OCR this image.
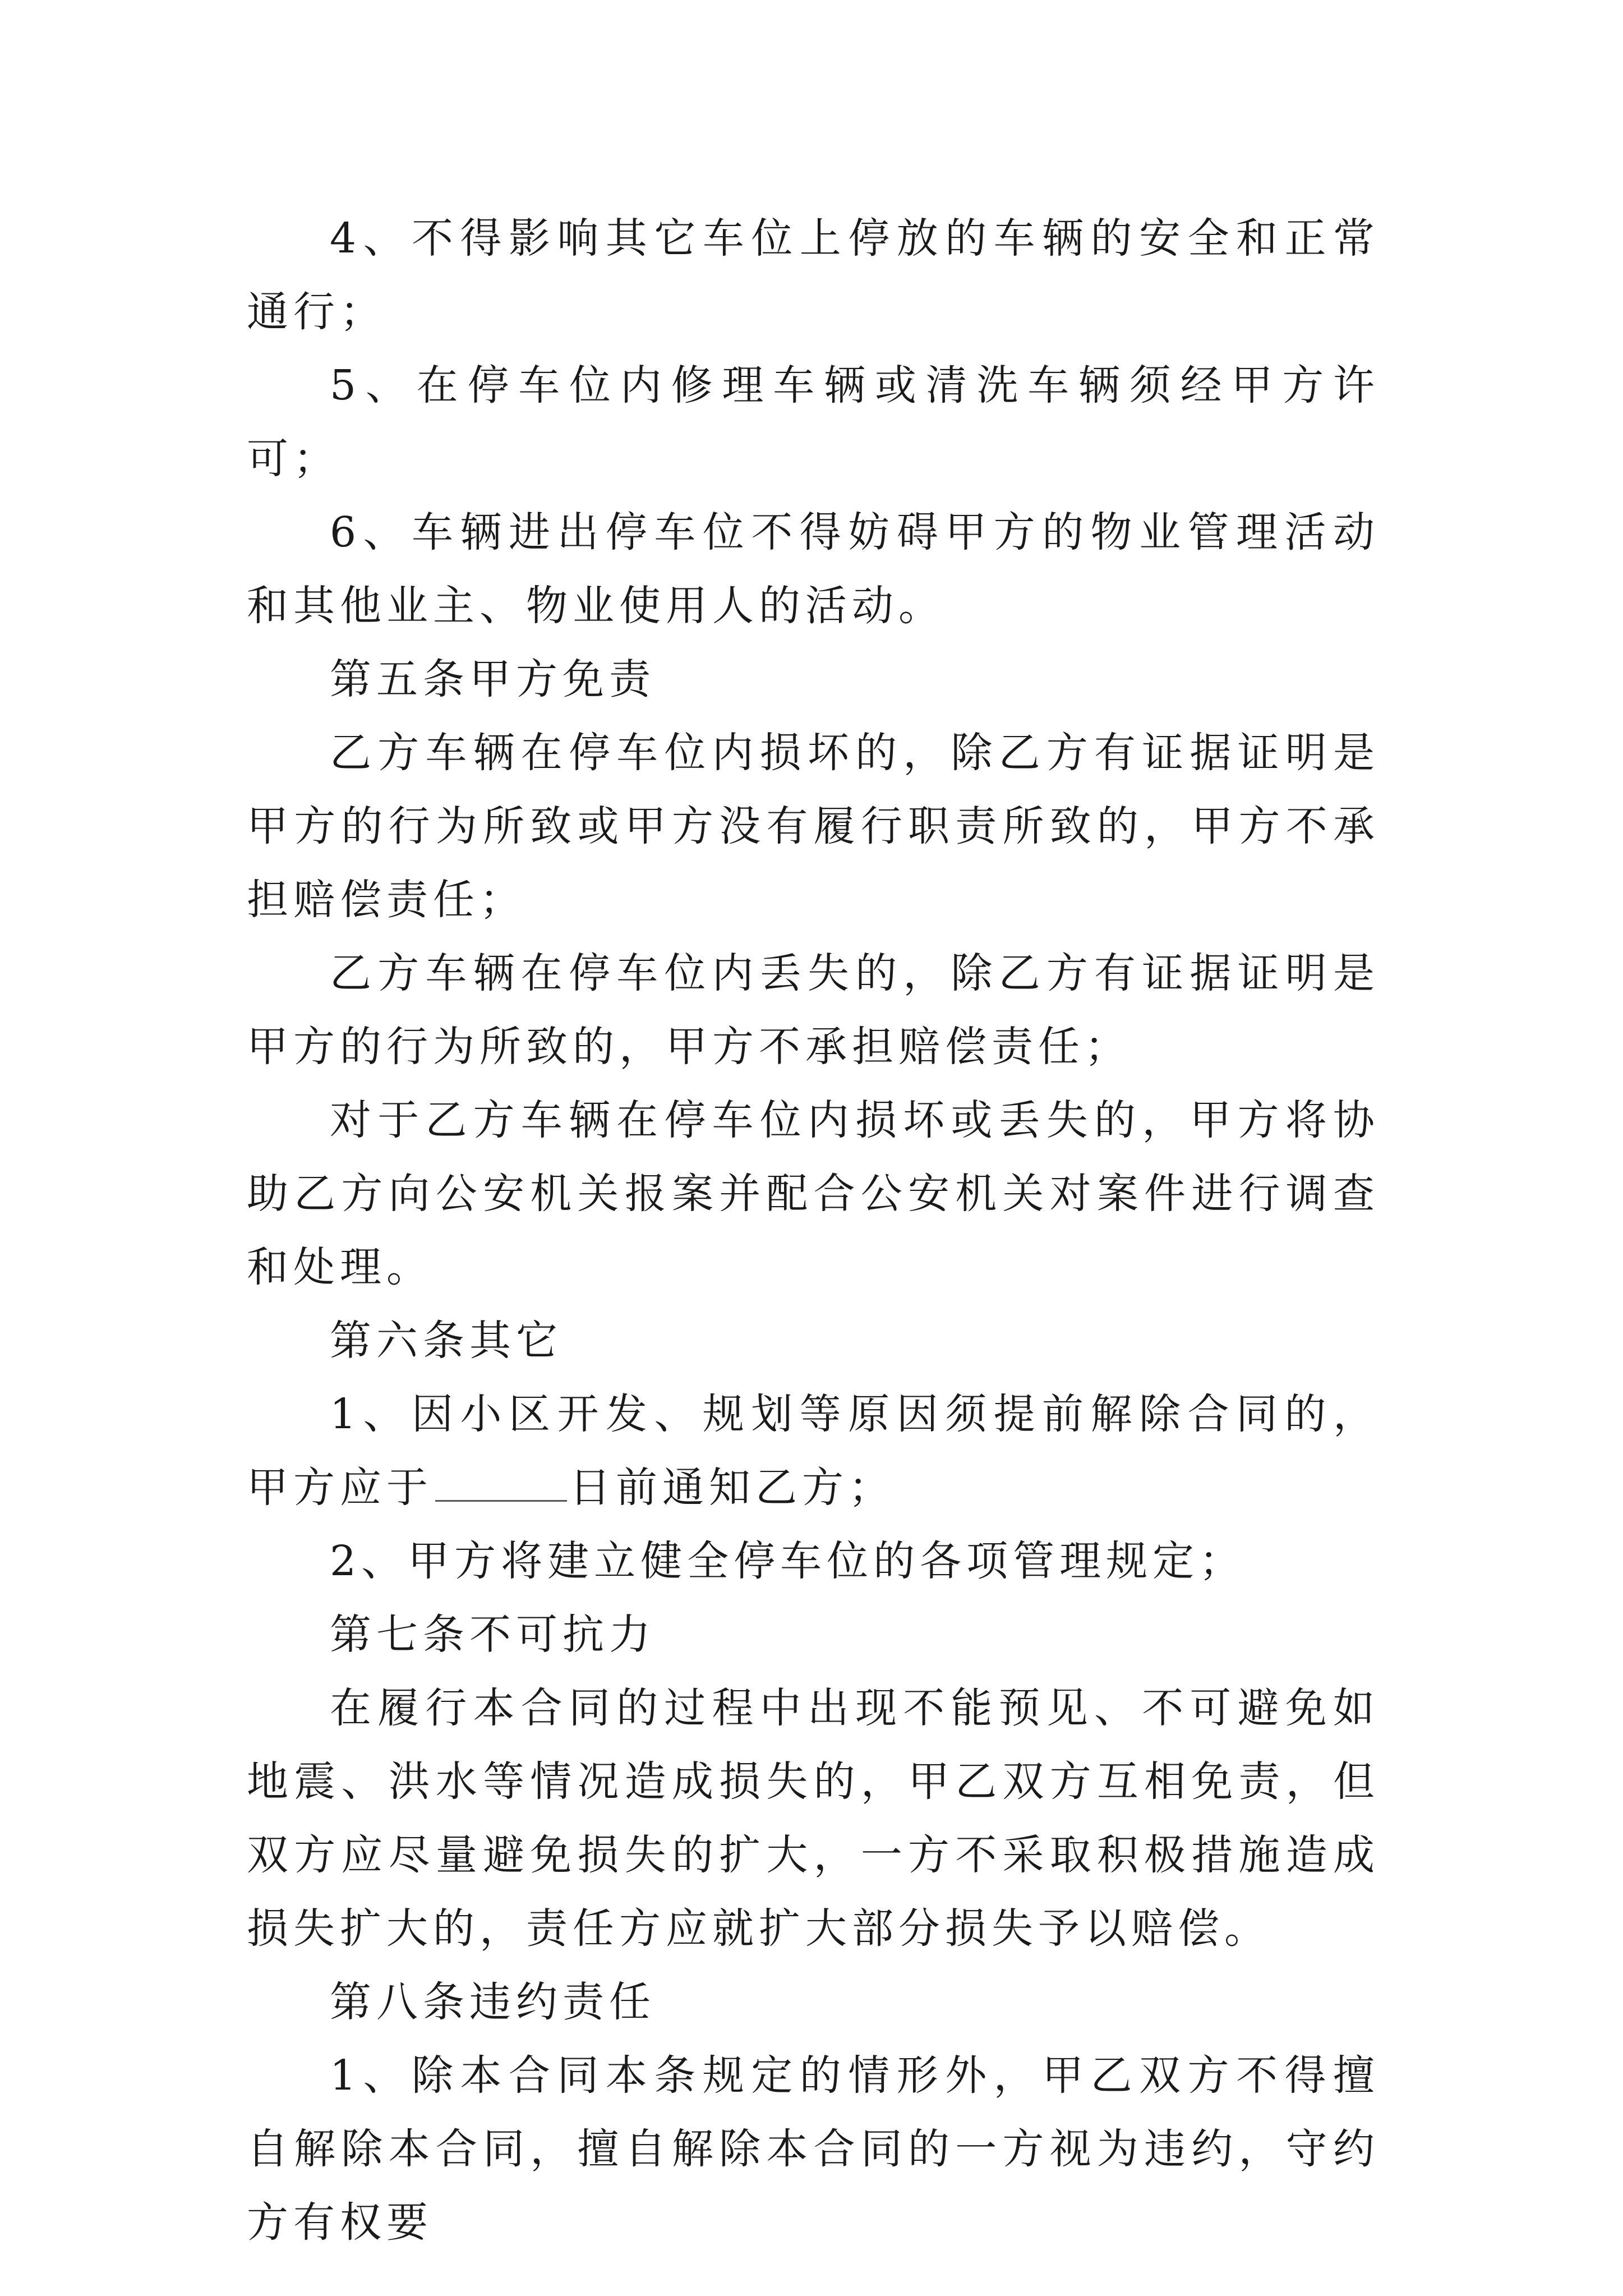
4、不得影响其它车位上停放的车辆的安全和正常通行；

5、在停车位内修理车辆或清洗车辆须经甲方许可；

6、车辆进出停车位不得妨碍甲方的物业管理活动和其他业主、物业使用人的活动。

第五条甲方免责

乙方车辆在停车位内损坏的，除乙方有证据证明是甲方的行为所致或甲方没有履行职责所致的，甲方不承担赔偿责任；

乙方车辆在停车位内丢失的，除乙方有证据证明是甲方的行为所致的，甲方不承担赔偿责任；

对于乙方车辆在停车位内损坏或丢失的，甲方将协助乙方向公安机关报案并配合公安机关对案件进行调查和处理。

第六条其它

1、因小区开发、规划等原因须提前解除合同的，甲方应于	日前通知乙方；

2、甲方将建立健全停车位的各项管理规定；

第七条不可抗力

在履行本合同的过程中出现不能预见、不可避免如地震、洪水等情况造成损失的，甲乙双方互相免责，但双方应尽量避免损失的扩大，一方不采取积极措施造成损失扩大的，责任方应就扩大部分损失予以赔偿。

第八条违约责任

1、除本合同本条规定的情形外，甲乙双方不得擅自解除本合同，擅自解除本合同的一方视为违约，守约方有权要
